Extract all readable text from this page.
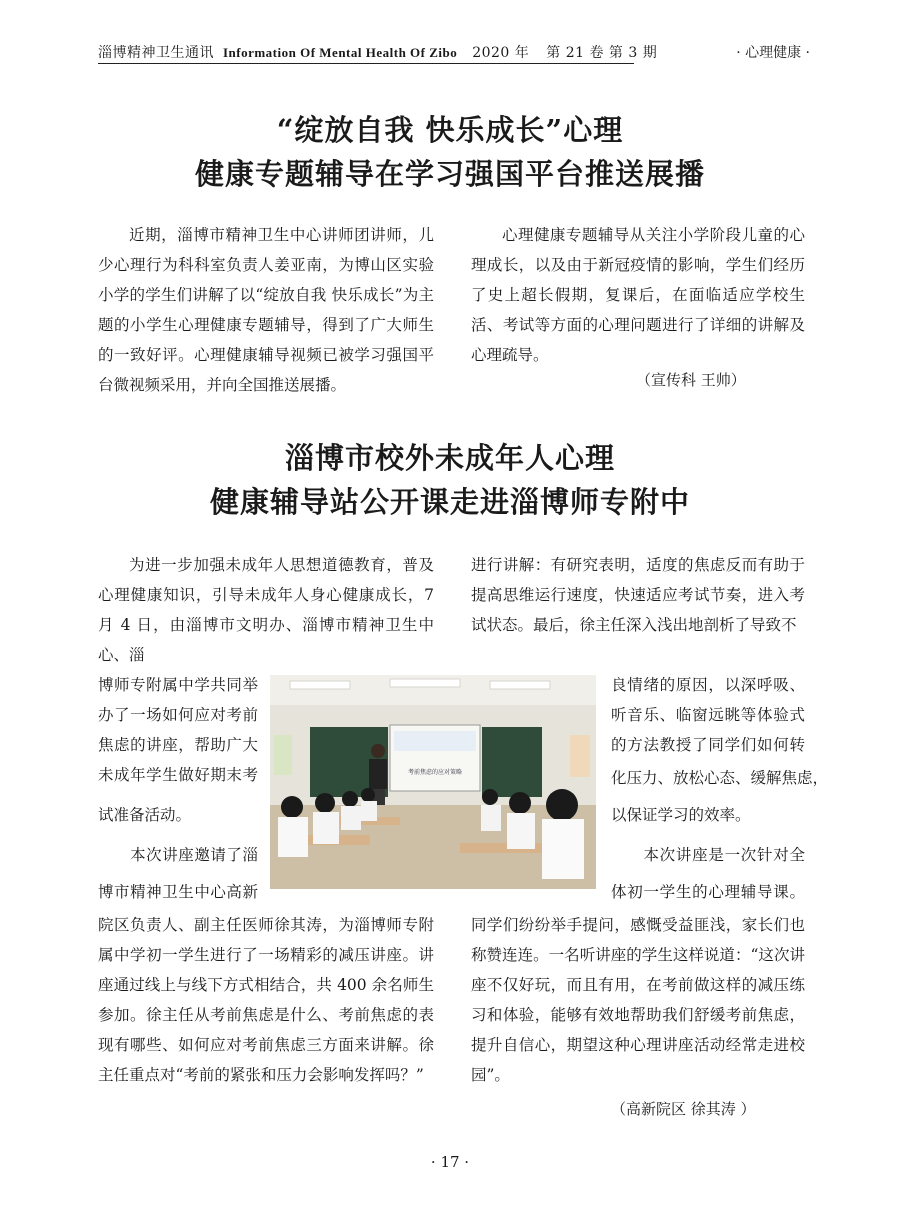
淄博精神卫生通讯 Information Of Mental Health Of Zibo 2020 年 第 21 卷 第 3 期	· 心理健康 ·
“绽放自我 快乐成长”心理
健康专题辅导在学习强国平台推送展播

近期，淄博市精神卫生中心讲师团讲师，儿少心理行为科科室负责人姜亚南，为博山区实验小学的学生们讲解了以“绽放自我 快乐成长”为主题的小学生心理健康专题辅导，得到了广大师生的一致好评。心理健康辅导视频已被学习强国平台微视频采用，并向全国推送展播。

心理健康专题辅导从关注小学阶段儿童的心理成长，以及由于新冠疫情的影响，学生们经历了史上超长假期，复课后，在面临适应学校生活、考试等方面的心理问题进行了详细的讲解及心理疏导。

（宣传科 王帅）
淄博市校外未成年人心理
健康辅导站公开课走进淄博师专附中

为进一步加强未成年人思想道德教育，普及心理健康知识，引导未成年人身心健康成长，7 月 4 日，由淄博市文明办、淄博市精神卫生中心、淄

博师专附属中学共同举
办了一场如何应对考前
焦虑的讲座，帮助广大
未成年学生做好期末考
试准备活动。
　　本次讲座邀请了淄
博市精神卫生中心高新

院区负责人、副主任医师徐其涛，为淄博师专附属中学初一学生进行了一场精彩的减压讲座。讲座通过线上与线下方式相结合，共 400 余名师生参加。徐主任从考前焦虑是什么、考前焦虑的表现有哪些、如何应对考前焦虑三方面来讲解。徐主任重点对“考前的紧张和压力会影响发挥吗？”

进行讲解：有研究表明，适度的焦虑反而有助于提高思维运行速度，快速适应考试节奏，进入考试状态。最后，徐主任深入浅出地剖析了导致不

良情绪的原因，以深呼吸、
听音乐、临窗远眺等体验式
的方法教授了同学们如何转
化压力、放松心态、缓解焦虑，
以保证学习的效率。
　　本次讲座是一次针对全
体初一学生的心理辅导课。

同学们纷纷举手提问，感慨受益匪浅，家长们也称赞连连。一名听讲座的学生这样说道：“这次讲座不仅好玩，而且有用，在考前做这样的减压练习和体验，能够有效地帮助我们舒缓考前焦虑，提升自信心，期望这种心理讲座活动经常走进校园”。

（高新院区 徐其涛 ）
考前焦虑的应对策略
· 17 ·
